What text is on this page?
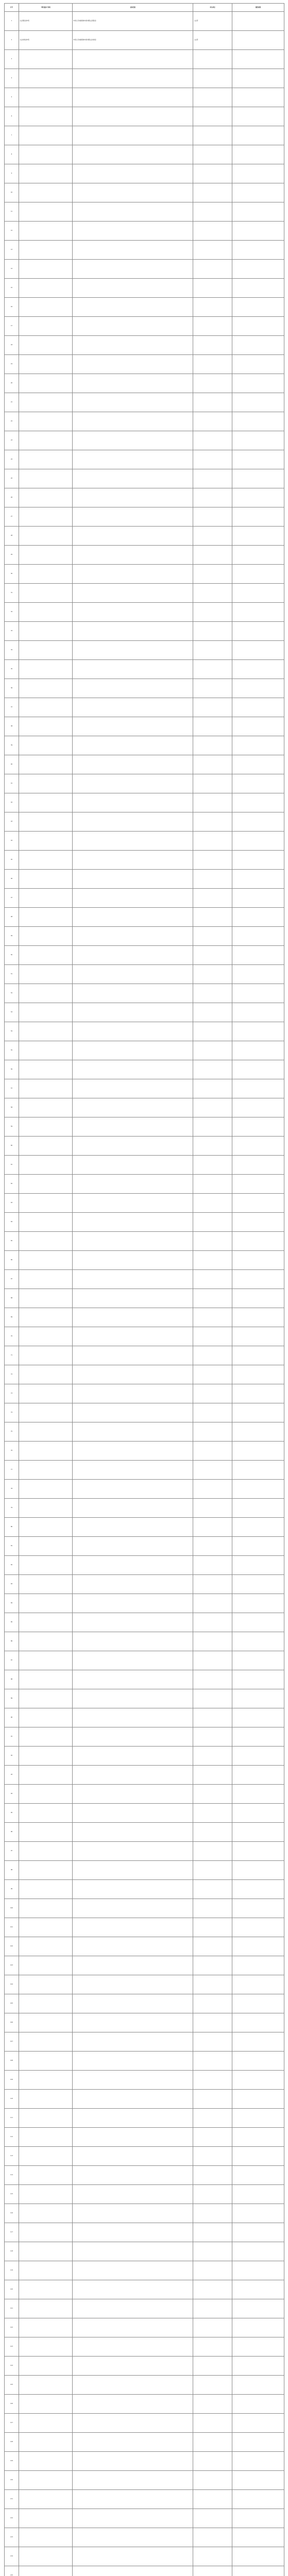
序号	"跨省通办"事项	业务范围	牵头单位	规范时限
1	失业保险金申领	申请人可向参保地申请办理失业保险金	人社部	
2	失业补助金申领	申请人可向参保地申请办理失业补助金	人社部	
3				
4				
5				
6				
7				
8				
9				
10				
11				
12				
13				
14				
15				
16				
17				
18				
19				
20				
21				
22				
23				
24				
25				
26				
27				
28				
29				
30				
31				
32				
33				
34				
35				
36				
37				
38				
39				
40				
41				
42				
43				
44				
45				
46				
47				
48				
49				
50				
51				
52				
53				
54				
55				
56				
57				
58				
59				
60				
61				
62				
63				
64				
65				
66				
67				
68				
69				
70				
71				
72				
73				
74				
75				
76				
77				
78				
79				
80				
81				
82				
83				
84				
85				
86				
87				
88				
89				
90				
91				
92				
93				
94				
95				
96				
97				
98				
99				
100				
101				
102				
103				
104				
105				
106				
107				
108				
109				
110				
111				
112				
113				
114				
115				
116				
117				
118				
119				
120				
121				
122				
123				
124				
125				
126				
127				
128				
129				
130				
131				
132				
133				
134				
135				
